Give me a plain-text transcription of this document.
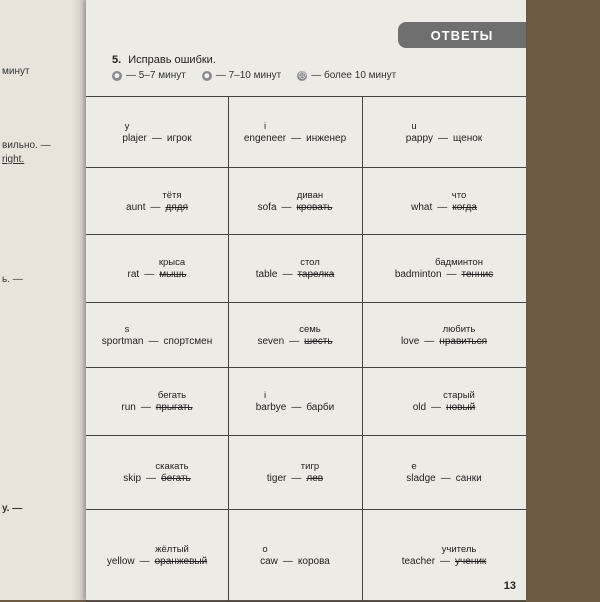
минут
вильно. —
right.
ь. —
у. —
ОТВЕТЫ
5. Исправь ошибки.
☻ — 5–7 минут ☻ — 7–10 минут ☹ — более 10 минут
y
plajer — игрок
i
engeneer — инженер
u
pappy — щенок
тётя
aunt — дядя
диван
sofa — кровать
что
what — когда
крыса
rat — мышь
стол
table — тарелка
бадминтон
badminton — теннис
s
sportman — спортсмен
семь
seven — шесть
любить
love — нравиться
бегать
run — прыгать
i
barbye — барби
старый
old — новый
скакать
skip — бегать
тигр
tiger — лев
e
sladge — санки
жёлтый
yellow — оранжевый
o
caw — корова
учитель
teacher — ученик
13
